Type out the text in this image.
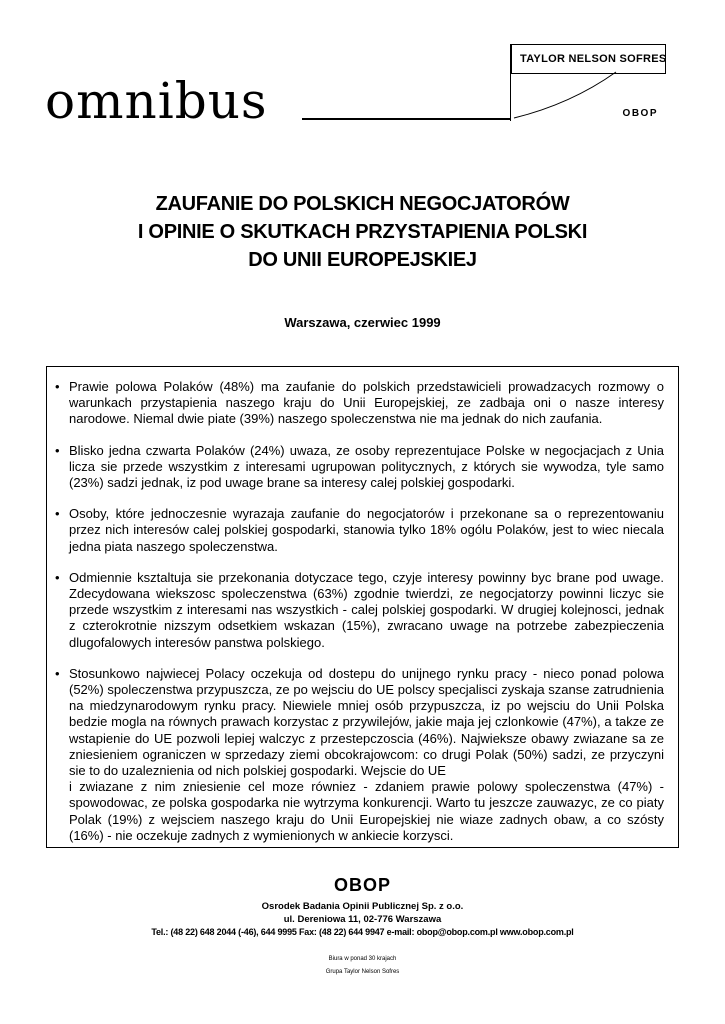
omnibus
TAYLOR NELSON SOFRES
OBOP
ZAUFANIE DO POLSKICH NEGOCJATORÓW
I OPINIE O SKUTKACH PRZYSTAPIENIA POLSKI
DO UNII EUROPEJSKIEJ
Warszawa, czerwiec 1999
• Prawie polowa Polaków (48%) ma zaufanie do polskich przedstawicieli prowadzacych rozmowy o warunkach przystapienia naszego kraju do Unii Europejskiej, ze zadbaja oni o nasze interesy narodowe. Niemal dwie piate (39%) naszego spoleczenstwa nie ma jednak do nich zaufania.
• Blisko jedna czwarta Polaków (24%) uwaza, ze osoby reprezentujace Polske w negocjacjach z Unia licza sie przede wszystkim z interesami ugrupowan politycznych, z których sie wywodza, tyle samo (23%) sadzi jednak, iz pod uwage brane sa interesy calej polskiej gospodarki.
• Osoby, które jednoczesnie wyrazaja zaufanie do negocjatorów i przekonane sa o reprezentowaniu przez nich interesów calej polskiej gospodarki, stanowia tylko 18% ogólu Polaków, jest to wiec niecala jedna piata naszego spoleczenstwa.
• Odmiennie ksztaltuja sie przekonania dotyczace tego, czyje interesy powinny byc brane pod uwage. Zdecydowana wiekszosc spoleczenstwa (63%) zgodnie twierdzi, ze negocjatorzy powinni liczyc sie przede wszystkim z interesami nas wszystkich - calej polskiej gospodarki. W drugiej kolejnosci, jednak z czterokrotnie nizszym odsetkiem wskazan (15%), zwracano uwage na potrzebe zabezpieczenia dlugofalowych interesów panstwa polskiego.
• Stosunkowo najwiecej Polacy oczekuja od dostepu do unijnego rynku pracy - nieco ponad polowa (52%) spoleczenstwa przypuszcza, ze po wejsciu do UE polscy specjalisci zyskaja szanse zatrudnienia na miedzynarodowym rynku pracy. Niewiele mniej osób przypuszcza, iz po wejsciu do Unii Polska bedzie mogla na równych prawach korzystac z przywilejów, jakie maja jej czlonkowie (47%), a takze ze wstapienie do UE pozwoli lepiej walczyc z przestepczoscia (46%). Najwieksze obawy zwiazane sa ze zniesieniem ograniczen w sprzedazy ziemi obcokrajowcom: co drugi Polak (50%) sadzi, ze przyczyni sie to do uzaleznienia od nich polskiej gospodarki. Wejscie do UE
i zwiazane z nim zniesienie cel moze równiez - zdaniem prawie polowy spoleczenstwa (47%) - spowodowac, ze polska gospodarka nie wytrzyma konkurencji. Warto tu jeszcze zauwazyc, ze co piaty Polak (19%) z wejsciem naszego kraju do Unii Europejskiej nie wiaze zadnych obaw, a co szósty (16%) - nie oczekuje zadnych z wymienionych w ankiecie korzysci.
OBOP
Osrodek Badania Opinii Publicznej Sp. z o.o.
ul. Dereniowa 11, 02-776 Warszawa
Tel.: (48 22) 648 2044 (-46), 644 9995 Fax: (48 22) 644 9947 e-mail: obop@obop.com.pl www.obop.com.pl
Biura w ponad 30 krajach
Grupa Taylor Nelson Sofres
